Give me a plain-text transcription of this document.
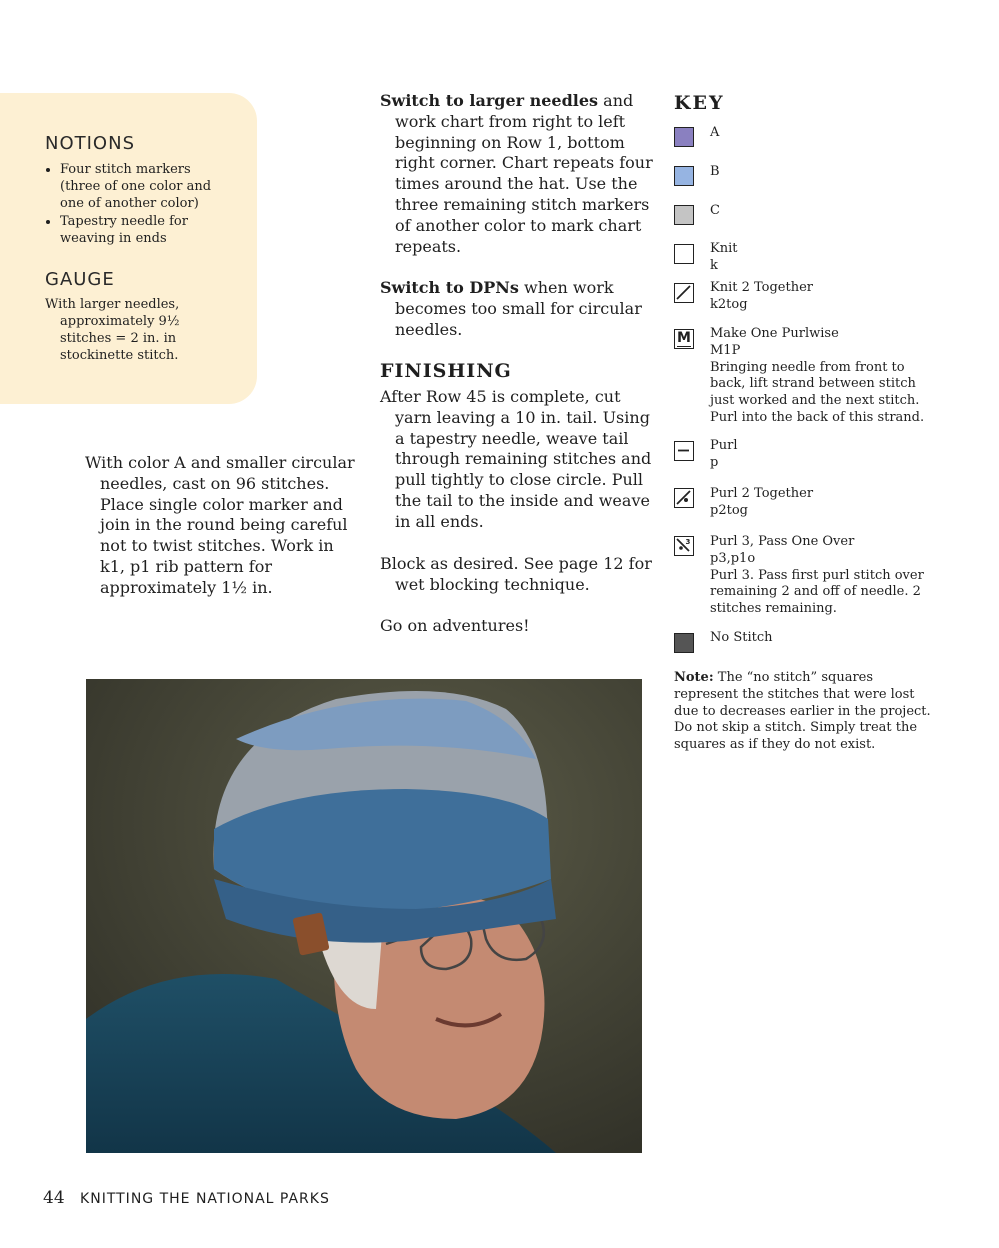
NOTIONS
• Four stitch markers (three of one color and one of another color)
• Tapestry needle for weaving in ends
GAUGE

With larger needles, approximately 9½ stitches = 2 in. in stockinette stitch.

With color A and smaller circular needles, cast on 96 stitches. Place single color marker and join in the round being careful not to twist stitches. Work in k1, p1 rib pattern for approximately 1½ in.

Switch to larger needles and work chart from right to left beginning on Row 1, bottom right corner. Chart repeats four times around the hat. Use the three remaining stitch markers of another color to mark chart repeats.

Switch to DPNs when work becomes too small for circular needles.

FINISHING

After Row 45 is complete, cut yarn leaving a 10 in. tail. Using a tapestry needle, weave tail through remaining stitches and pull tightly to close circle. Pull the tail to the inside and weave in all ends.

Block as desired. See page 12 for wet blocking technique.

Go on adventures!

KEY

A

B

C

Knit
k

Knit 2 Together
k2tog

M Make One Purlwise
M1P
Bringing needle from front to back, lift strand between stitch just worked and the next stitch. Purl into the back of this strand.

Purl
p

Purl 2 Together
p2tog

3 Purl 3, Pass One Over
p3,p1o
Purl 3. Pass first purl stitch over remaining 2 and off of needle. 2 stitches remaining.

No Stitch

Note: The “no stitch” squares represent the stitches that were lost due to decreases earlier in the project. Do not skip a stitch. Simply treat the squares as if they do not exist.

44 KNITTING THE NATIONAL PARKS
